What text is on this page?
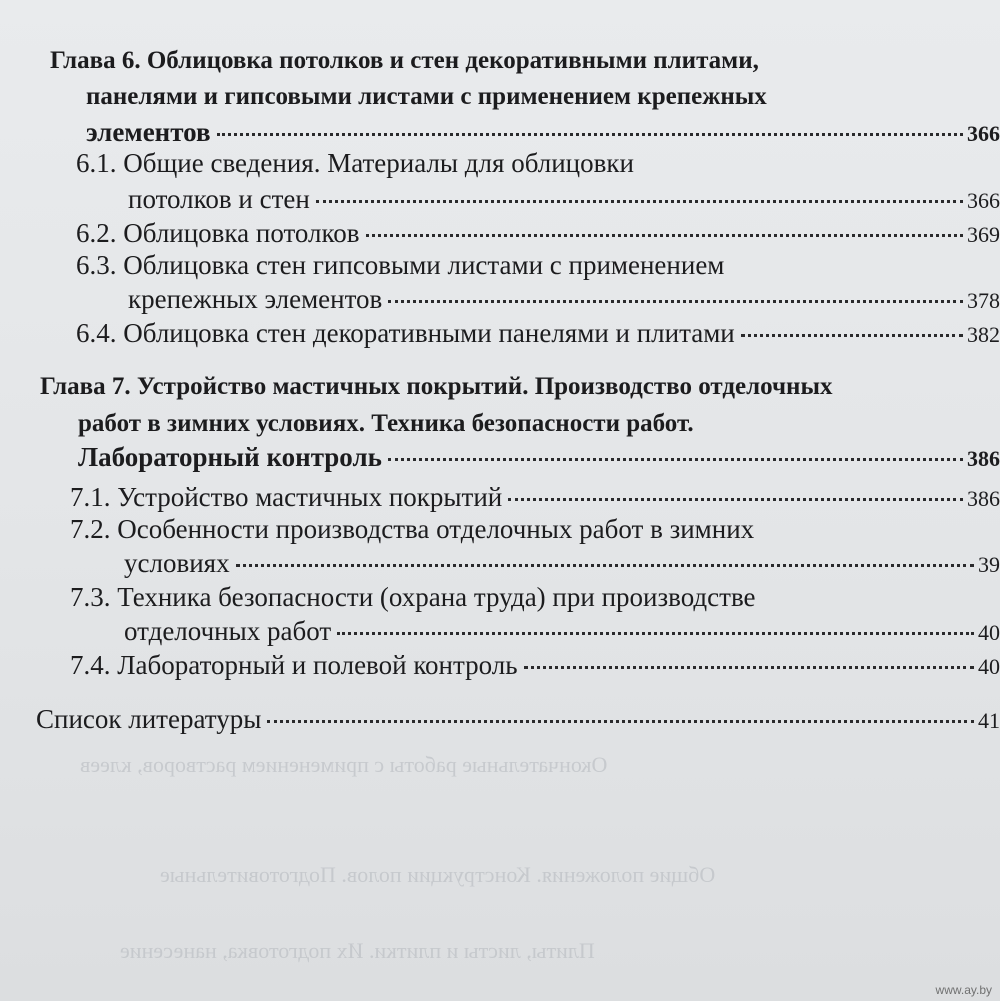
Окончательные работы с применением растворов, клеев
Общие положения. Конструкции полов. Подготовительные
Плиты, листы и плитки. Их подготовка, нанесение
Глава 6. Облицовка потолков и стен декоративными плитами,
панелями и гипсовыми листами с применением крепежных
элементов	366
6.1. Общие сведения. Материалы для облицовки
потолков и стен	366
6.2. Облицовка потолков	369
6.3. Облицовка стен гипсовыми листами с применением
крепежных элементов	378
6.4. Облицовка стен декоративными панелями и плитами	382
Глава 7. Устройство мастичных покрытий. Производство отделочных
работ в зимних условиях. Техника безопасности работ.
Лабораторный контроль	386
7.1. Устройство мастичных покрытий	386
7.2. Особенности производства отделочных работ в зимних
условиях	39
7.3. Техника безопасности (охрана труда) при производстве
отделочных работ	40
7.4. Лабораторный и полевой контроль	40
Список литературы	41
www.ay.by
